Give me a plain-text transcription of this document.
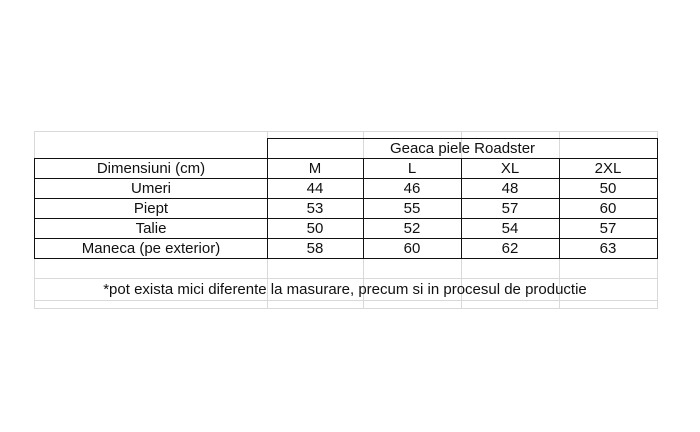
Geaca piele Roadster
Dimensiuni (cm)	M	L	XL	2XL
Umeri	44	46	48	50
Piept	53	55	57	60
Talie	50	52	54	57
Maneca (pe exterior)	58	60	62	63
*pot exista mici diferente la masurare, precum si in procesul de productie
